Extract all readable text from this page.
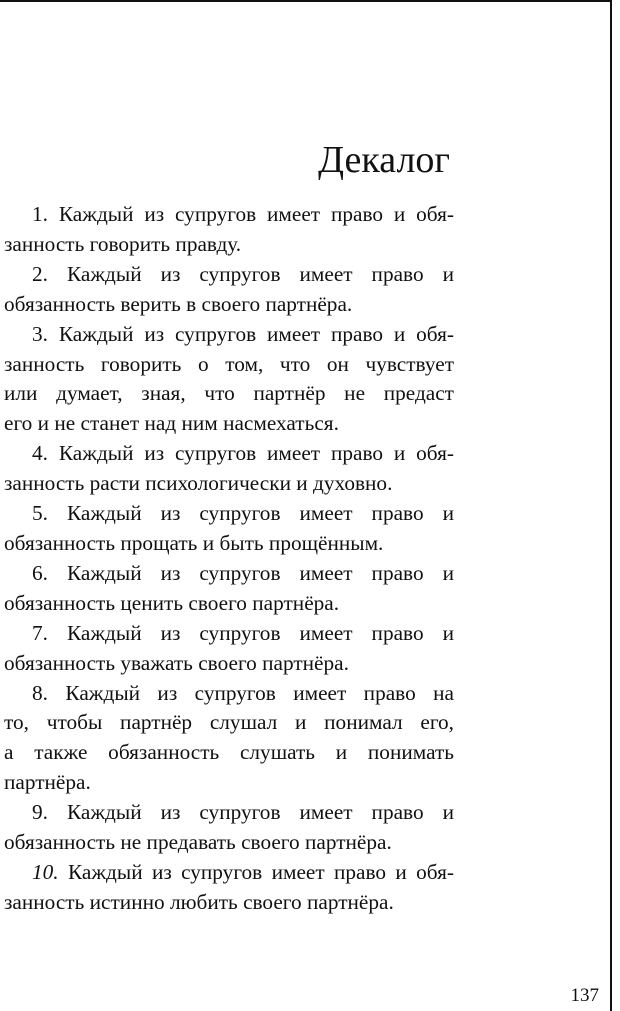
Декалог
1. Каждый из супругов имеет право и обя-
занность говорить правду.
2. Каждый из супругов имеет право и
обязанность верить в своего партнёра.
3. Каждый из супругов имеет право и обя-
занность говорить о том, что он чувствует
или думает, зная, что партнёр не предаст
его и не станет над ним насмехаться.
4. Каждый из супругов имеет право и обя-
занность расти психологически и духовно.
5. Каждый из супругов имеет право и
обязанность прощать и быть прощённым.
6. Каждый из супругов имеет право и
обязанность ценить своего партнёра.
7. Каждый из супругов имеет право и
обязанность уважать своего партнёра.
8. Каждый из супругов имеет право на
то, чтобы партнёр слушал и понимал его,
а также обязанность слушать и понимать
партнёра.
9. Каждый из супругов имеет право и
обязанность не предавать своего партнёра.
10. Каждый из супругов имеет право и обя-
занность истинно любить своего партнёра.
137
